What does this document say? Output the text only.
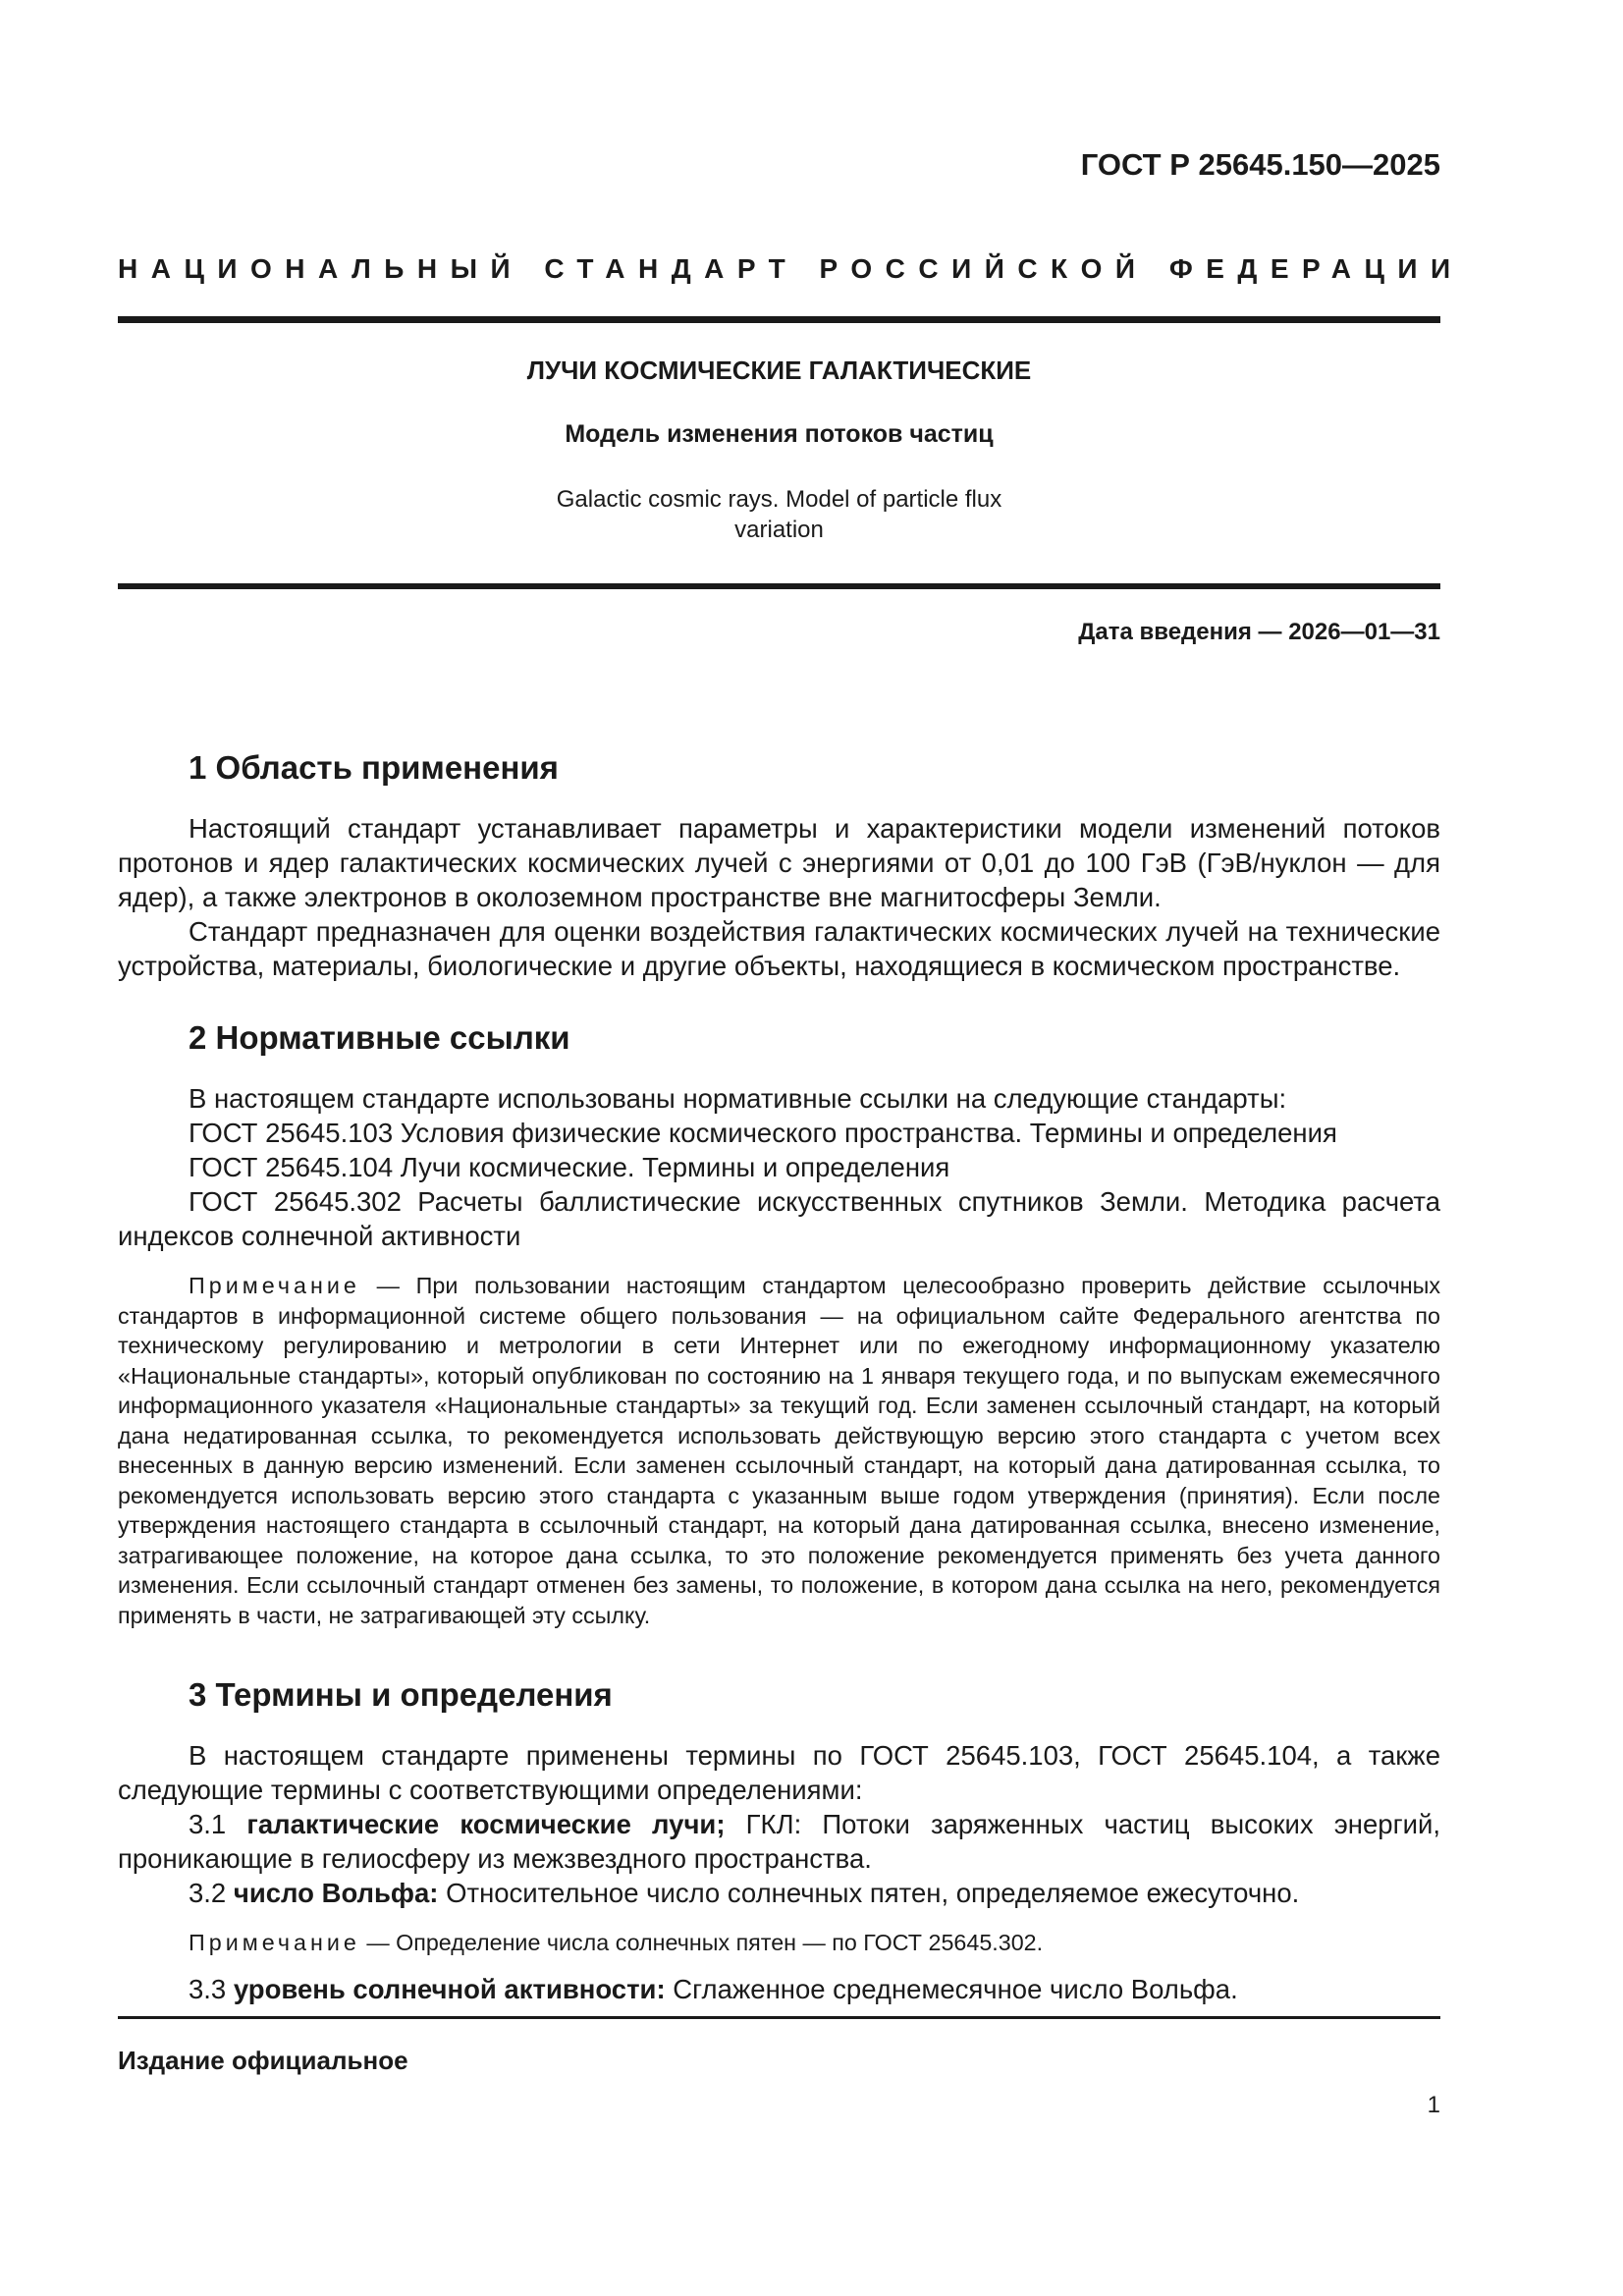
ГОСТ Р 25645.150—2025
НАЦИОНАЛЬНЫЙ СТАНДАРТ РОССИЙСКОЙ ФЕДЕРАЦИИ
ЛУЧИ КОСМИЧЕСКИЕ ГАЛАКТИЧЕСКИЕ
Модель изменения потоков частиц
Galactic cosmic rays. Model of particle flux
variation
Дата введения — 2026—01—31
1 Область применения

Настоящий стандарт устанавливает параметры и характеристики модели изменений потоков протонов и ядер галактических космических лучей с энергиями от 0,01 до 100 ГэВ (ГэВ/нуклон — для ядер), а также электронов в околоземном пространстве вне магнитосферы Земли.

Стандарт предназначен для оценки воздействия галактических космических лучей на технические устройства, материалы, биологические и другие объекты, находящиеся в космическом пространстве.

2 Нормативные ссылки

В настоящем стандарте использованы нормативные ссылки на следующие стандарты:

ГОСТ 25645.103 Условия физические космического пространства. Термины и определения

ГОСТ 25645.104 Лучи космические. Термины и определения

ГОСТ 25645.302 Расчеты баллистические искусственных спутников Земли. Методика расчета индексов солнечной активности

Примечание — При пользовании настоящим стандартом целесообразно проверить действие ссылочных стандартов в информационной системе общего пользования — на официальном сайте Федерального агентства по техническому регулированию и метрологии в сети Интернет или по ежегодному информационному указателю «Национальные стандарты», который опубликован по состоянию на 1 января текущего года, и по выпускам ежемесячного информационного указателя «Национальные стандарты» за текущий год. Если заменен ссылочный стандарт, на который дана недатированная ссылка, то рекомендуется использовать действующую версию этого стандарта с учетом всех внесенных в данную версию изменений. Если заменен ссылочный стандарт, на который дана датированная ссылка, то рекомендуется использовать версию этого стандарта с указанным выше годом утверждения (принятия). Если после утверждения настоящего стандарта в ссылочный стандарт, на который дана датированная ссылка, внесено изменение, затрагивающее положение, на которое дана ссылка, то это положение рекомендуется применять без учета данного изменения. Если ссылочный стандарт отменен без замены, то положение, в котором дана ссылка на него, рекомендуется применять в части, не затрагивающей эту ссылку.

3 Термины и определения

В настоящем стандарте применены термины по ГОСТ 25645.103, ГОСТ 25645.104, а также следующие термины с соответствующими определениями:

3.1 галактические космические лучи; ГКЛ: Потоки заряженных частиц высоких энергий, проникающие в гелиосферу из межзвездного пространства.

3.2 число Вольфа: Относительное число солнечных пятен, определяемое ежесуточно.

Примечание — Определение числа солнечных пятен — по ГОСТ 25645.302.

3.3 уровень солнечной активности: Сглаженное среднемесячное число Вольфа.

Издание официальное
1
